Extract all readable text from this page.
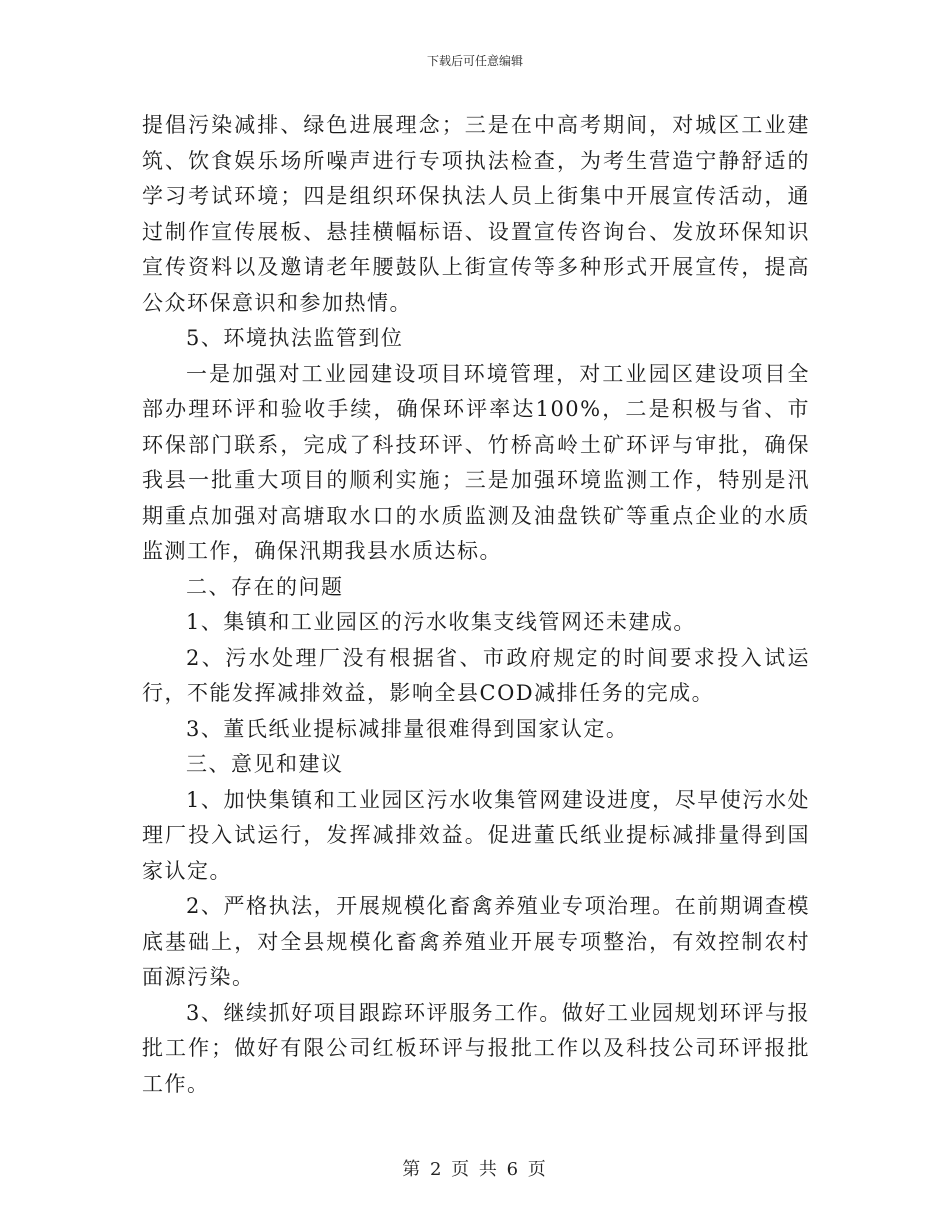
下载后可任意编辑

提倡污染减排、绿色进展理念；三是在中高考期间，对城区工业建筑、饮食娱乐场所噪声进行专项执法检查，为考生营造宁静舒适的学习考试环境；四是组织环保执法人员上街集中开展宣传活动，通过制作宣传展板、悬挂横幅标语、设置宣传咨询台、发放环保知识宣传资料以及邀请老年腰鼓队上街宣传等多种形式开展宣传，提高公众环保意识和参加热情。

5、环境执法监管到位

一是加强对工业园建设项目环境管理，对工业园区建设项目全部办理环评和验收手续，确保环评率达100%，二是积极与省、市环保部门联系，完成了科技环评、竹桥高岭土矿环评与审批，确保我县一批重大项目的顺利实施；三是加强环境监测工作，特别是汛期重点加强对高塘取水口的水质监测及油盘铁矿等重点企业的水质监测工作，确保汛期我县水质达标。

二、存在的问题

1、集镇和工业园区的污水收集支线管网还未建成。

2、污水处理厂没有根据省、市政府规定的时间要求投入试运行，不能发挥减排效益，影响全县COD减排任务的完成。

3、董氏纸业提标减排量很难得到国家认定。

三、意见和建议

1、加快集镇和工业园区污水收集管网建设进度，尽早使污水处理厂投入试运行，发挥减排效益。促进董氏纸业提标减排量得到国家认定。

2、严格执法，开展规模化畜禽养殖业专项治理。在前期调查模底基础上，对全县规模化畜禽养殖业开展专项整治，有效控制农村面源污染。

3、继续抓好项目跟踪环评服务工作。做好工业园规划环评与报批工作；做好有限公司红板环评与报批工作以及科技公司环评报批工作。

第 2 页 共 6 页
